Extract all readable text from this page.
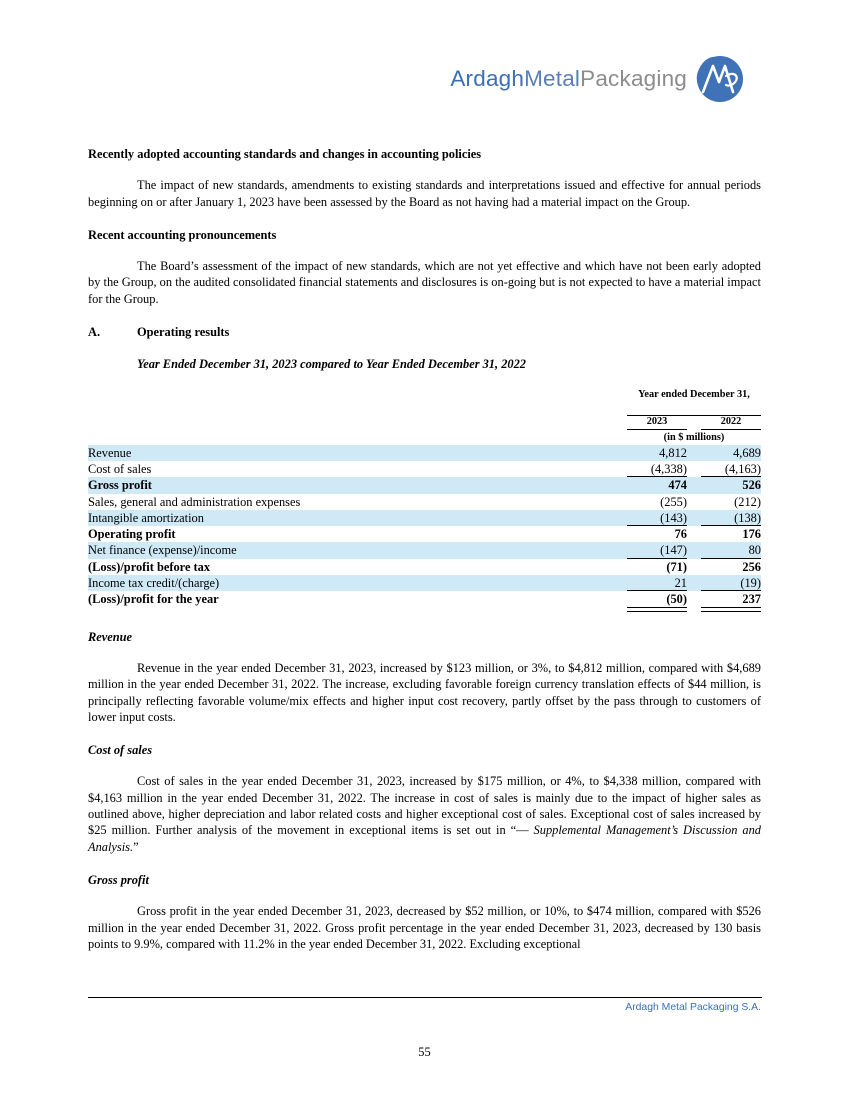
ArdaghMetalPackaging
Recently adopted accounting standards and changes in accounting policies

The impact of new standards, amendments to existing standards and interpretations issued and effective for annual periods beginning on or after January 1, 2023 have been assessed by the Board as not having had a material impact on the Group.

Recent accounting pronouncements

The Board’s assessment of the impact of new standards, which are not yet effective and which have not been early adopted by the Group, on the audited consolidated financial statements and disclosures is on-going but is not expected to have a material impact for the Group.

A.	Operating results
Year Ended December 31, 2023 compared to Year Ended December 31, 2022
Year ended December 31,
2023	2022
(in $ millions)
Revenue	4,812	4,689
Cost of sales	(4,338)	(4,163)
Gross profit	474	526
Sales, general and administration expenses	(255)	(212)
Intangible amortization	(143)	(138)
Operating profit	76	176
Net finance (expense)/income	(147)	80
(Loss)/profit before tax	(71)	256
Income tax credit/(charge)	21	(19)
(Loss)/profit for the year	(50)	237
Revenue

Revenue in the year ended December 31, 2023, increased by $123 million, or 3%, to $4,812 million, compared with $4,689 million in the year ended December 31, 2022. The increase, excluding favorable foreign currency translation effects of $44 million, is principally reflecting favorable volume/mix effects and higher input cost recovery, partly offset by the pass through to customers of lower input costs.

Cost of sales

Cost of sales in the year ended December 31, 2023, increased by $175 million, or 4%, to $4,338 million, compared with $4,163 million in the year ended December 31, 2022. The increase in cost of sales is mainly due to the impact of higher sales as outlined above, higher depreciation and labor related costs and higher exceptional cost of sales. Exceptional cost of sales increased by $25 million. Further analysis of the movement in exceptional items is set out in “— Supplemental Management’s Discussion and Analysis.”

Gross profit

Gross profit in the year ended December 31, 2023, decreased by $52 million, or 10%, to $474 million, compared with $526 million in the year ended December 31, 2022. Gross profit percentage in the year ended December 31, 2023, decreased by 130 basis points to 9.9%, compared with 11.2% in the year ended December 31, 2022. Excluding exceptional

Ardagh Metal Packaging S.A.
55
